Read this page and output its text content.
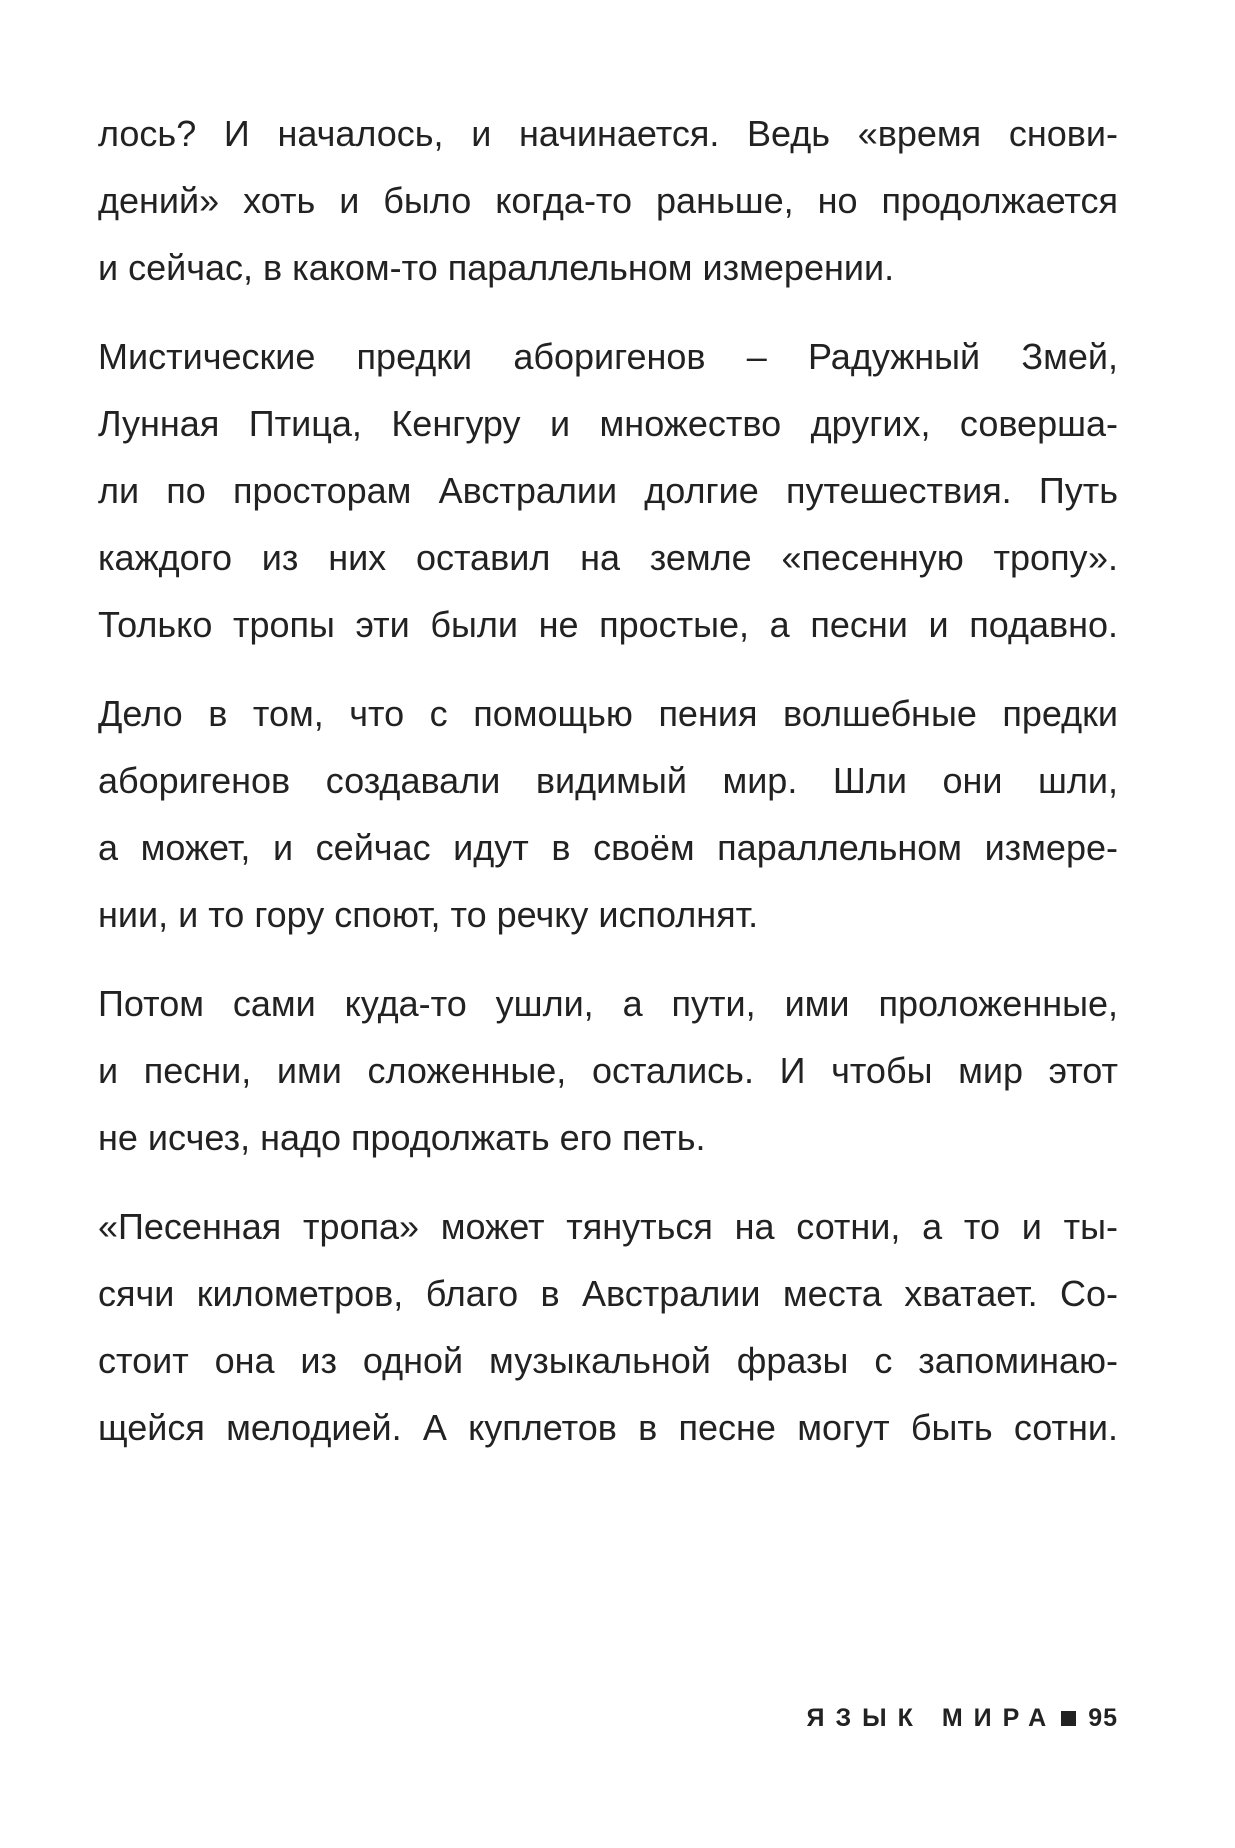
лось? И началось, и начинается. Ведь «время снови-
дений» хоть и было когда-то раньше, но продолжается
и сейчас, в каком-то параллельном измерении.

Мистические предки аборигенов – Радужный Змей,
Лунная Птица, Кенгуру и множество других, соверша-
ли по просторам Австралии долгие путешествия. Путь
каждого из них оставил на земле «песенную тропу».
Только тропы эти были не простые, а песни и подавно.

Дело в том, что с помощью пения волшебные предки
аборигенов создавали видимый мир. Шли они шли,
а может, и сейчас идут в своём параллельном измере-
нии, и то гору споют, то речку исполнят.

Потом сами куда-то ушли, а пути, ими проложенные,
и песни, ими сложенные, остались. И чтобы мир этот
не исчез, надо продолжать его петь.

«Песенная тропа» может тянуться на сотни, а то и ты-
сячи километров, благо в Австралии места хватает. Со-
стоит она из одной музыкальной фразы с запоминаю-
щейся мелодией. А куплетов в песне могут быть сотни.

ЯЗЫК МИРА 95
